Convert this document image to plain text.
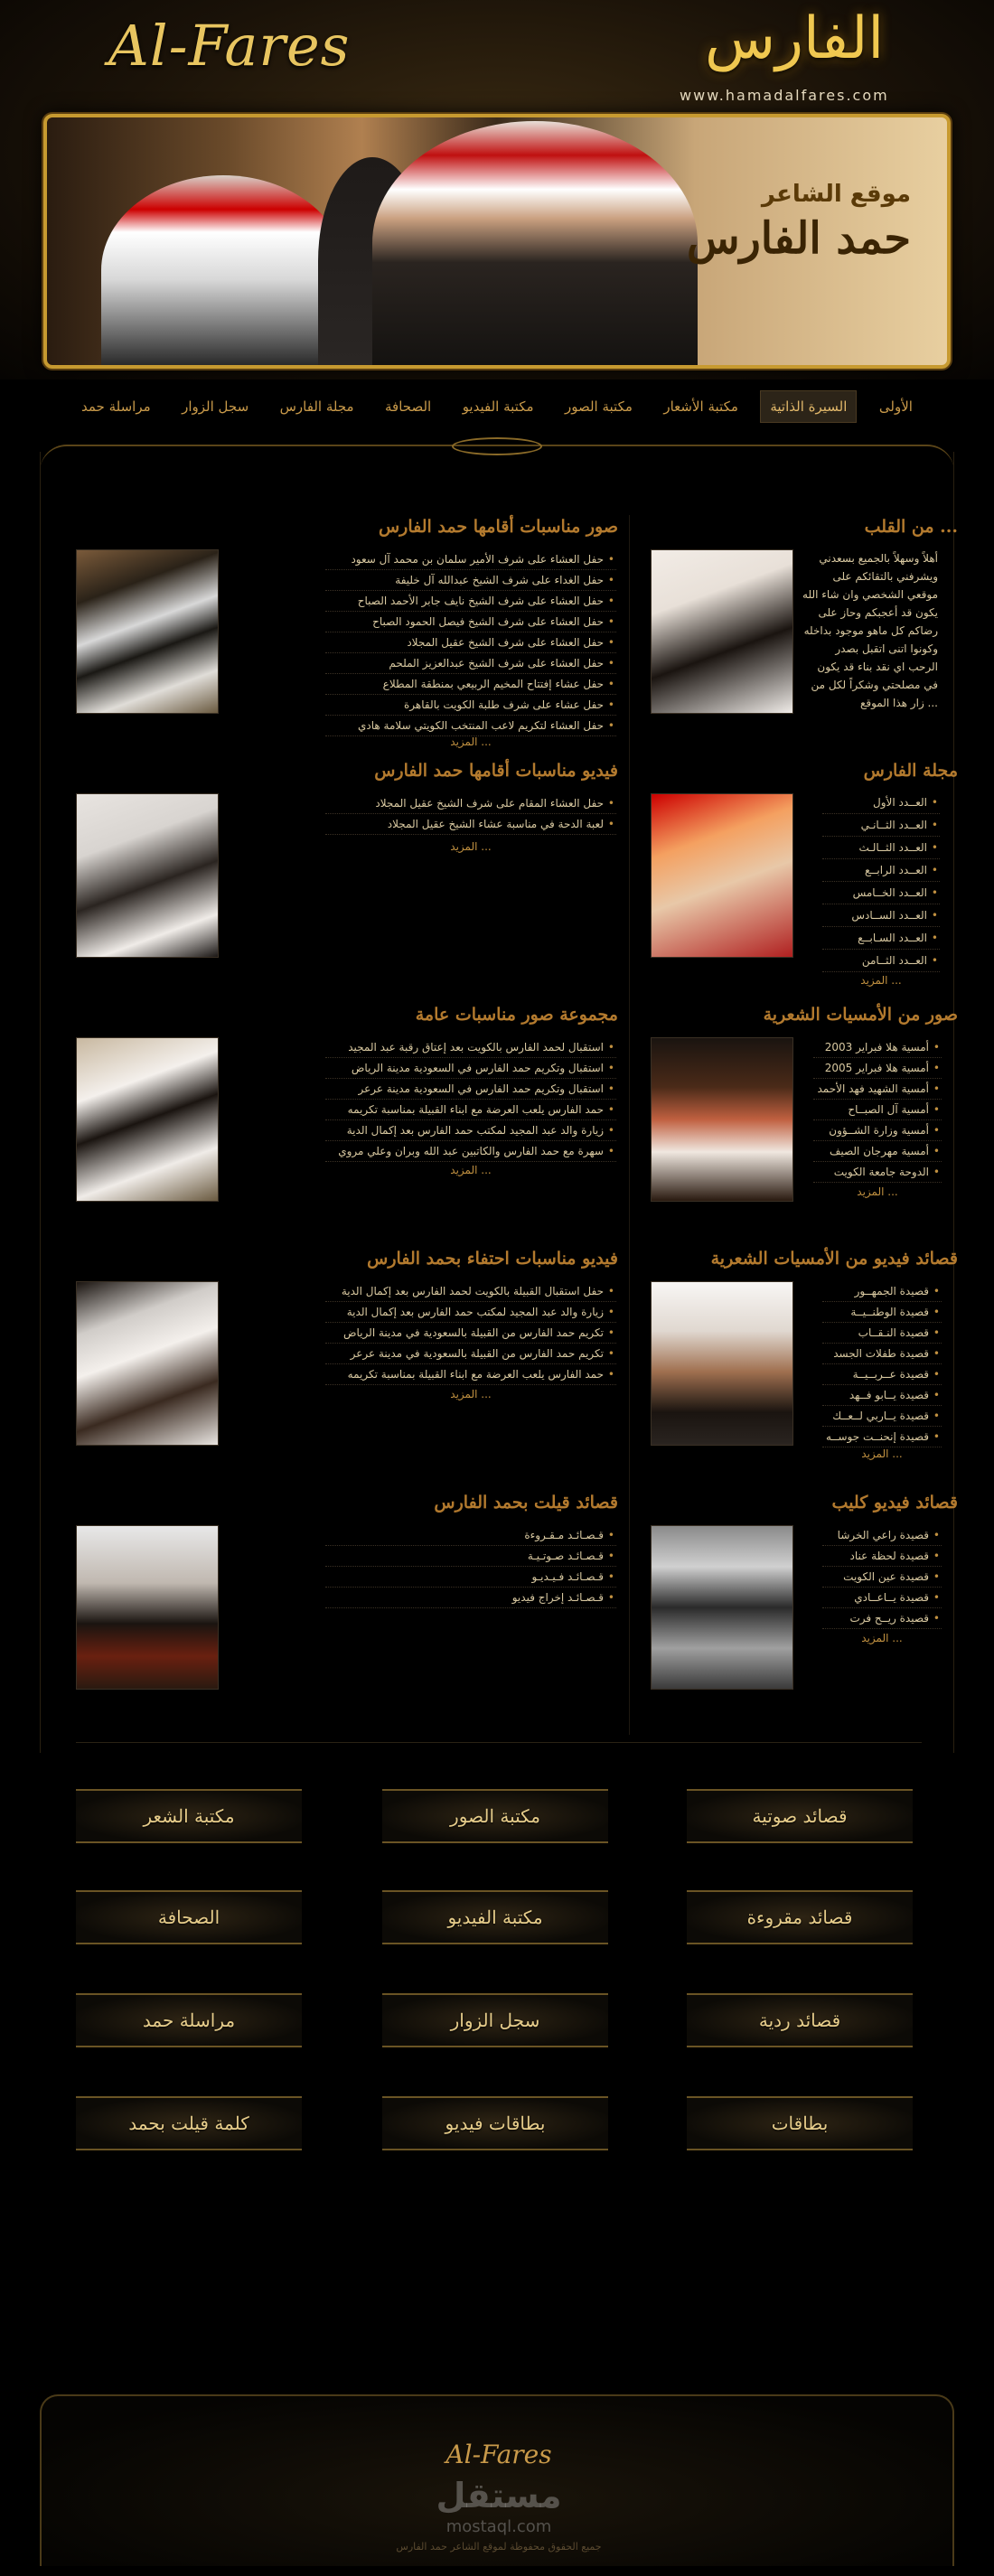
Al-Fares	الفارس
www.hamadalfares.com
موقع الشاعر
حمد الفارس
الأولى
السيرة الذاتية
مكتبة الأشعار
مكتبة الصور
مكتبة الفيديو
الصحافة
مجلة الفارس
سجل الزوار
مراسلة حمد
من القلب ...

أهلاً وسهلاً بالجميع بسعدني ويشرفني بالتقائكم على موقعي الشخصي وان شاء الله يكون قد أعجبكم وحاز على رضاكم كل ماهو موجود بداخله وكونوا اتنى اتقبل بصدر الرحب اي نقد بناء قد يكون في مصلحتي وشكراً لكل من زار هذا الموقع ...

صور مناسبات أقامها حمد الفارس
حفل العشاء على شرف الأمير سلمان بن محمد آل سعود •
حفل الغداء على شرف الشيخ عبدالله آل خليفة •
حفل العشاء على شرف الشيخ نايف جابر الأحمد الصباح •
حفل العشاء على شرف الشيخ فيصل الحمود الصباح •
حفل العشاء على شرف الشيخ عقيل المجلاد •
حفل العشاء على شرف الشيخ عبدالعزيز الملحم •
حفل عشاء إفتتاح المخيم الربيعي بمنطقة المطلاع •
حفل عشاء على شرف طلبة الكويت بالقاهرة •
حفل العشاء لتكريم لاعب المنتخب الكويتي سلامة هادي •
المزيد ...
مجلة الفارس
العــدد الأول •
العــدد الثــانـي •
العــدد الثــالـث •
العــدد الرابــع •
العــدد الخــامس •
العــدد الســادس •
العــدد السـابــع •
العــدد الثــامن •
المزيد ...
فيديو مناسبات أقامها حمد الفارس
حفل العشاء المقام على شرف الشيخ عقيل المجلاد •
لعبة الدحة في مناسبة عشاء الشيخ عقيل المجلاد •
المزيد ...
صور من الأمسيات الشعرية
أمسية هلا فبراير 2003 •
أمسية هلا فبراير 2005 •
أمسية الشهيد فهد الأحمد •
أمسية آل الصبــاح •
أمسية وزارة الشــؤون •
أمسية مهرجان الصيف •
الدوحة جامعة الكويت •
المزيد ...
مجموعة صور مناسبات عامة
استقبال لحمد الفارس بالكويت بعد إعتاق رقبة عبد المجيد •
استقبال وتكريم حمد الفارس في السعودية مدينة الرياض •
استقبال وتكريم حمد الفارس في السعودية مدينة عرعر •
حمد الفارس يلعب العرضة مع ابناء القبيلة بمناسبة تكريمه •
زيارة والد عبد المجيد لمكتب حمد الفارس بعد إكمال الدية •
سهرة مع حمد الفارس والكاتبين عبد الله وبران وعلي مروي •
المزيد ...
قصائد فيديو من الأمسيات الشعرية
قصيدة الجمهــور •
قصيدة الوطنــيــة •
قصيدة النـقــاب •
قصيدة طفلات الجسد •
قصيدة عــربــيــة •
قصيدة يــابو فــهد •
قصيدة يــاربي لــعــك •
قصيدة إنحنــت جوســه •
المزيد ...
فيديو مناسبات احتفاء بحمد الفارس
حفل استقبال القبيلة بالكويت لحمد الفارس بعد إكمال الدية •
زيارة والد عبد المجيد لمكتب حمد الفارس بعد إكمال الدية •
تكريم حمد الفارس من القبيلة بالسعودية في مدينة الرياض •
تكريم حمد الفارس من القبيلة بالسعودية في مدينة عرعر •
حمد الفارس يلعب العرضة مع ابناء القبيلة بمناسبة تكريمه •
المزيد ...
قصائد فيديو كليب
قصيدة راعي الخرشا •
قصيدة لحظة عناد •
قصيدة عين الكويت •
قصيدة يــاعــادي •
قصيدة ريــح فرت •
المزيد ...
قصائد قيلت بحمد الفارس
قـصـائـد مـقـروءة •
قـصـائـد صـوتـيـة •
قـصـائـد فـيـديـو •
قـصـائـد إخراج فيديو •
قصائد صوتية
مكتبة الصور
مكتبة الشعر
قصائد مقروءة
مكتبة الفيديو
الصحافة
قصائد ردية
سجل الزوار
مراسلة حمد
بطاقات
بطاقات فيديو
كلمة قيلت بحمد
Al-Fares
مستقل
mostaql.com
جميع الحقوق محفوظة لموقع الشاعر حمد الفارس
